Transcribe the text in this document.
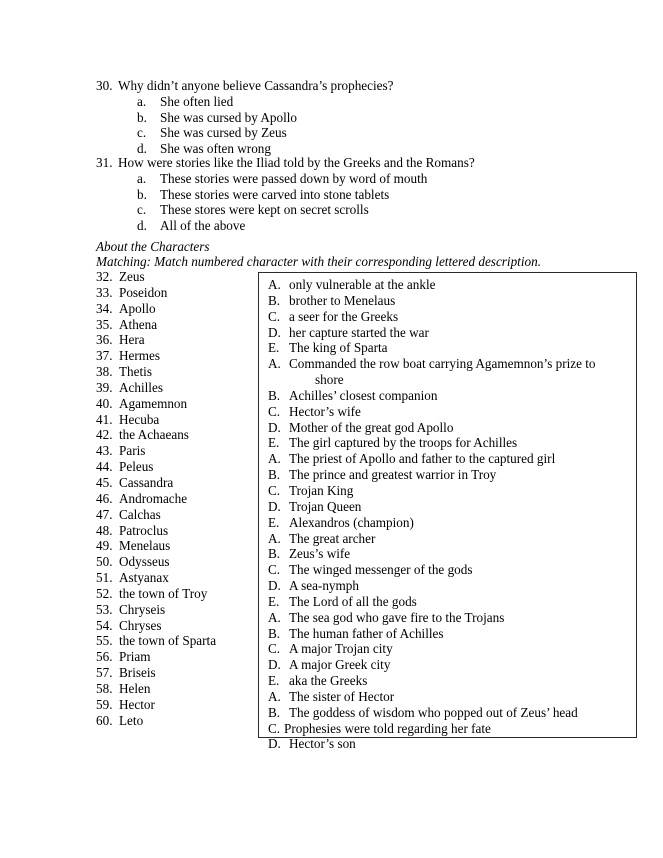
30. Why didn’t anyone believe Cassandra’s prophecies?
a. She often lied
b. She was cursed by Apollo
c. She was cursed by Zeus
d. She was often wrong
31. How were stories like the Iliad told by the Greeks and the Romans?
a. These stories were passed down by word of mouth
b. These stories were carved into stone tablets
c. These stores were kept on secret scrolls
d. All of the above
About the Characters
Matching: Match numbered character with their corresponding lettered description.
32. Zeus
33. Poseidon
34. Apollo
35. Athena
36. Hera
37. Hermes
38. Thetis
39. Achilles
40. Agamemnon
41. Hecuba
42. the Achaeans
43. Paris
44. Peleus
45. Cassandra
46. Andromache
47. Calchas
48. Patroclus
49. Menelaus
50. Odysseus
51. Astyanax
52. the town of Troy
53. Chryseis
54. Chryses
55. the town of Sparta
56. Priam
57. Briseis
58. Helen
59. Hector
60. Leto
A. only vulnerable at the ankle
B. brother to Menelaus
C. a seer for the Greeks
D. her capture started the war
E. The king of Sparta
A. Commanded the row boat carrying Agamemnon’s prize to
shore
B. Achilles’ closest companion
C. Hector’s wife
D. Mother of the great god Apollo
E. The girl captured by the troops for Achilles
A. The priest of Apollo and father to the captured girl
B. The prince and greatest warrior in Troy
C. Trojan King
D. Trojan Queen
E. Alexandros (champion)
A. The great archer
B. Zeus’s wife
C. The winged messenger of the gods
D. A sea-nymph
E. The Lord of all the gods
A. The sea god who gave fire to the Trojans
B. The human father of Achilles
C. A major Trojan city
D. A major Greek city
E. aka the Greeks
A. The sister of Hector
B. The goddess of wisdom who popped out of Zeus’ head
C. Prophesies were told regarding her fate
D. Hector’s son
